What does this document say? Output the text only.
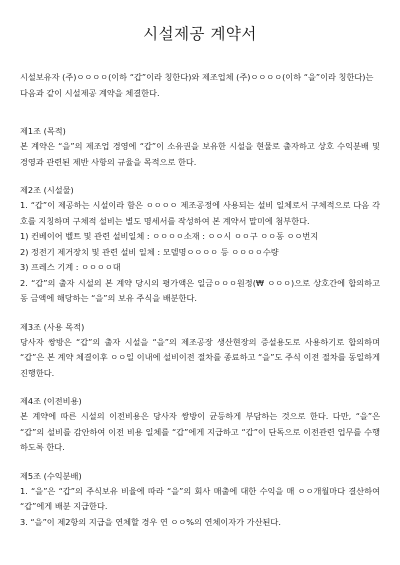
시설제공 계약서

시설보유자 (주)ㅇㅇㅇㅇ(이하 “갑”이라 칭한다)와 제조업체 (주)ㅇㅇㅇㅇ(이하 “을”이라 칭한다)는 다음과 같이 시설제공 계약을 체결한다.

제1조 (목적)

본 계약은 “을”의 제조업 경영에 “갑”이 소유권을 보유한 시설을 현물로 출자하고 상호 수익분배 및 경영과 관련된 제반 사항의 규율을 목적으로 한다.

제2조 (시설물)

1. “갑”이 제공하는 시설이라 함은 ㅇㅇㅇㅇ 제조공정에 사용되는 설비 일체로서 구체적으로 다음 각호를 지칭하며 구체적 설비는 별도 명세서를 작성하여 본 계약서 말미에 첨부한다.

1) 컨베이어 벨트 및 관련 설비일체 : ㅇㅇㅇㅇ소재 : ㅇㅇ시 ㅇㅇ구 ㅇㅇ동 ㅇㅇ번지

2) 정전기 제거장치 및 관련 설비 일체 : 모델명ㅇㅇㅇㅇ 등 ㅇㅇㅇㅇ수량

3) 프레스 기계 : ㅇㅇㅇㅇ대

2. “갑”의 출자 시설의 본 계약 당시의 평가액은 일금ㅇㅇㅇ원정(₩ ㅇㅇㅇ)으로 상호간에 합의하고 동 금액에 해당하는 “을”의 보유 주식을 배분한다.

제3조 (사용 목적)

당사자 쌍방은 “갑”의 출자 시설을 “을”의 제조공장 생산현장의 증설용도로 사용하기로 합의하며 “갑”은 본 계약 체결이후 ㅇㅇ일 이내에 설비이전 절차를 종료하고 “을”도 주식 이전 절차를 동일하게 진행한다.

제4조 (이전비용)

본 계약에 따른 시설의 이전비용은 당사자 쌍방이 균등하게 부담하는 것으로 한다. 다만, “을”은 “갑”의 설비를 감안하여 이전 비용 일체를 “갑”에게 지급하고 “갑”이 단독으로 이전관련 업무를 수행하도록 한다.

제5조 (수익분배)

1. “을”은 “갑”의 주식보유 비율에 따라 “을”의 회사 매출에 대한 수익을 매 ㅇㅇ개월마다 결산하여 “갑”에게 배분 지급한다.

3. “을”이 제2항의 지급을 연체할 경우 연 ㅇㅇ%의 연체이자가 가산된다.
